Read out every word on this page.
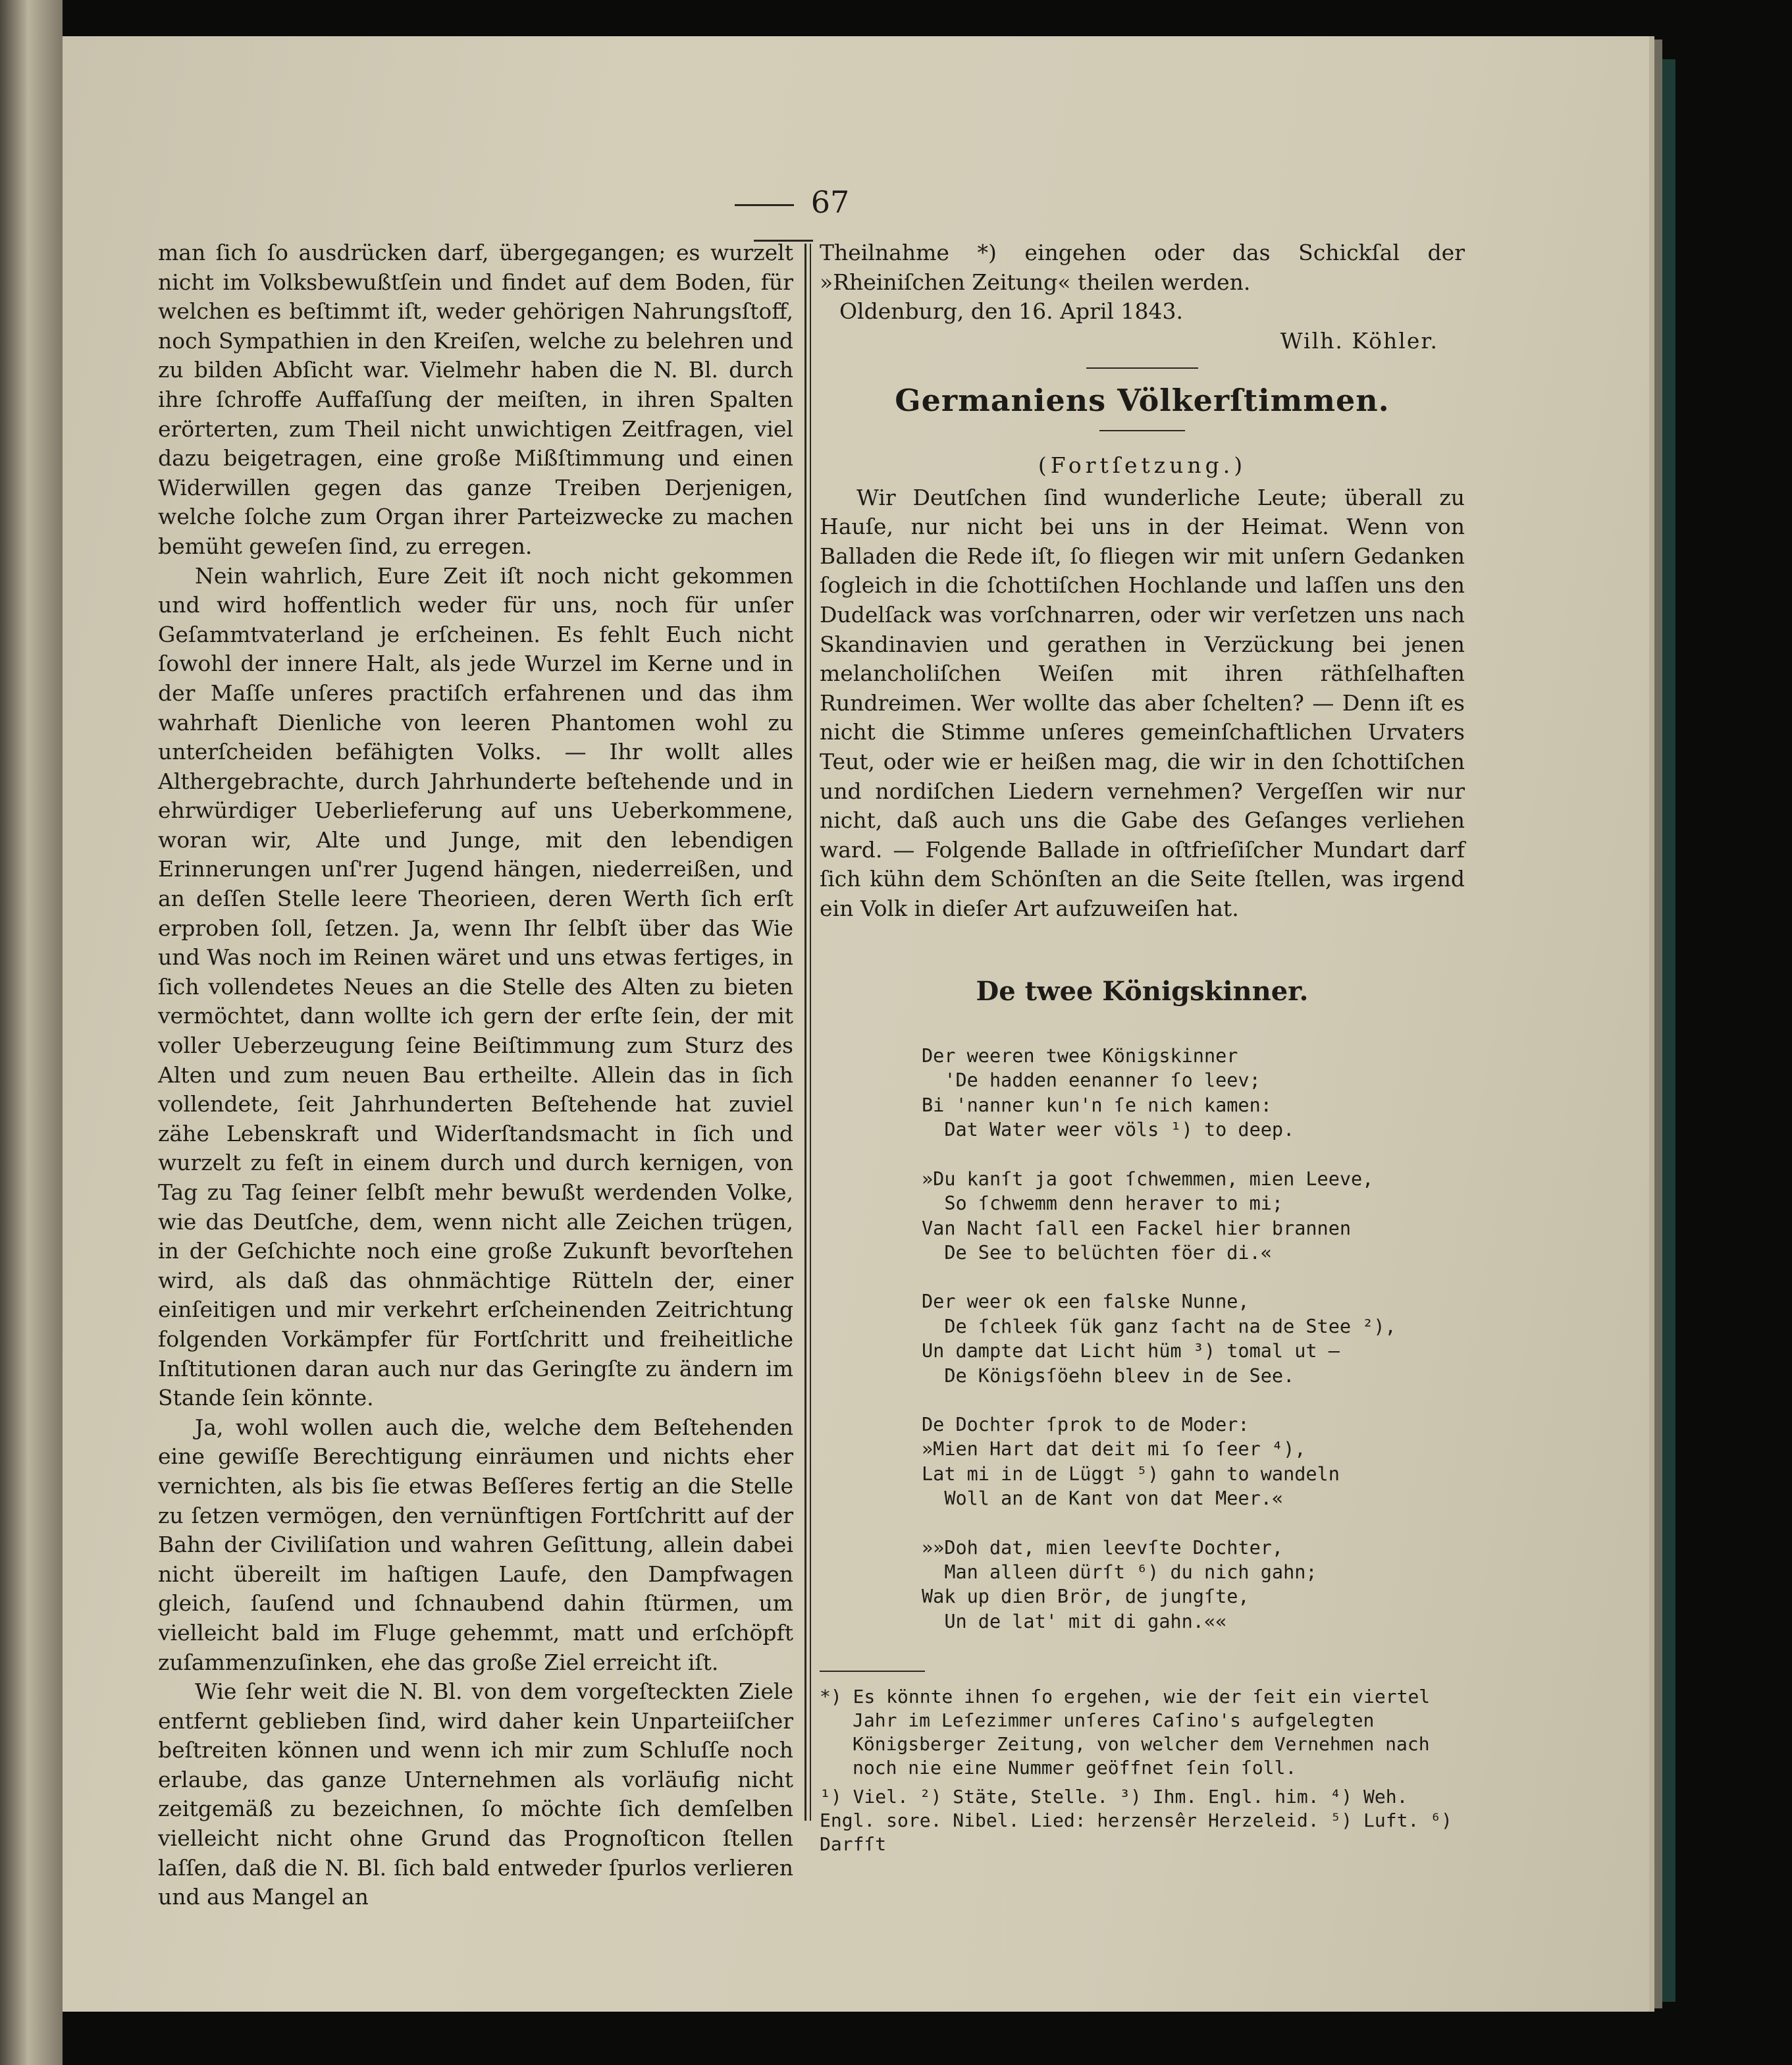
67

man ſich ſo ausdrücken darf, übergegangen; es wurzelt nicht im Volksbewußtſein und findet auf dem Boden, für welchen es beſtimmt iſt, weder gehörigen Nahrungsſtoff, noch Sympathien in den Kreiſen, welche zu belehren und zu bilden Abſicht war. Vielmehr haben die N. Bl. durch ihre ſchroffe Auffaſſung der meiſten, in ihren Spalten erörterten, zum Theil nicht unwichtigen Zeitfragen, viel dazu beigetragen, eine große Mißſtimmung und einen Widerwillen gegen das ganze Treiben Derjenigen, welche ſolche zum Organ ihrer Parteizwecke zu machen bemüht geweſen ſind, zu erregen.

Nein wahrlich, Eure Zeit iſt noch nicht gekommen und wird hoffentlich weder für uns, noch für unſer Geſammtvaterland je erſcheinen. Es fehlt Euch nicht ſowohl der innere Halt, als jede Wurzel im Kerne und in der Maſſe unſeres practiſch erfahrenen und das ihm wahrhaft Dienliche von leeren Phantomen wohl zu unterſcheiden befähigten Volks. — Ihr wollt alles Althergebrachte, durch Jahrhunderte beſtehende und in ehrwürdiger Ueberlieferung auf uns Ueberkommene, woran wir, Alte und Junge, mit den lebendigen Erinnerungen unſ'rer Jugend hängen, niederreißen, und an deſſen Stelle leere Theorieen, deren Werth ſich erſt erproben ſoll, ſetzen. Ja, wenn Ihr ſelbſt über das Wie und Was noch im Reinen wäret und uns etwas fertiges, in ſich vollendetes Neues an die Stelle des Alten zu bieten vermöchtet, dann wollte ich gern der erſte ſein, der mit voller Ueberzeugung ſeine Beiſtimmung zum Sturz des Alten und zum neuen Bau ertheilte. Allein das in ſich vollendete, ſeit Jahrhunderten Beſtehende hat zuviel zähe Lebenskraft und Widerſtandsmacht in ſich und wurzelt zu feſt in einem durch und durch kernigen, von Tag zu Tag ſeiner ſelbſt mehr bewußt werdenden Volke, wie das Deutſche, dem, wenn nicht alle Zeichen trügen, in der Geſchichte noch eine große Zukunft bevorſtehen wird, als daß das ohnmächtige Rütteln der, einer einſeitigen und mir verkehrt erſcheinenden Zeitrichtung folgenden Vorkämpfer für Fortſchritt und freiheitliche Inſtitutionen daran auch nur das Geringſte zu ändern im Stande ſein könnte.

Ja, wohl wollen auch die, welche dem Beſtehenden eine gewiſſe Berechtigung einräumen und nichts eher vernichten, als bis ſie etwas Beſſeres fertig an die Stelle zu ſetzen vermögen, den vernünftigen Fortſchritt auf der Bahn der Civiliſation und wahren Geſittung, allein dabei nicht übereilt im haſtigen Laufe, den Dampfwagen gleich, ſauſend und ſchnaubend dahin ſtürmen, um vielleicht bald im Fluge gehemmt, matt und erſchöpft zuſammenzuſinken, ehe das große Ziel erreicht iſt.

Wie ſehr weit die N. Bl. von dem vorgeſteckten Ziele entfernt geblieben ſind, wird daher kein Unparteiiſcher beſtreiten können und wenn ich mir zum Schluſſe noch erlaube, das ganze Unternehmen als vorläufig nicht zeitgemäß zu bezeichnen, ſo möchte ſich demſelben vielleicht nicht ohne Grund das Prognoſticon ſtellen laſſen, daß die N. Bl. ſich bald entweder ſpurlos verlieren und aus Mangel an

Theilnahme *) eingehen oder das Schickſal der »Rheiniſchen Zeitung« theilen werden.

Oldenburg, den 16. April 1843.

Wilh. Köhler.

Germaniens Völkerſtimmen.

(Fortſetzung.)

Wir Deutſchen ſind wunderliche Leute; überall zu Hauſe, nur nicht bei uns in der Heimat. Wenn von Balladen die Rede iſt, ſo fliegen wir mit unſern Gedanken ſogleich in die ſchottiſchen Hochlande und laſſen uns den Dudelſack was vorſchnarren, oder wir verſetzen uns nach Skandinavien und gerathen in Verzückung bei jenen melancholiſchen Weiſen mit ihren räthſelhaften Rundreimen. Wer wollte das aber ſchelten? — Denn iſt es nicht die Stimme unſeres gemeinſchaftlichen Urvaters Teut, oder wie er heißen mag, die wir in den ſchottiſchen und nordiſchen Liedern vernehmen? Vergeſſen wir nur nicht, daß auch uns die Gabe des Geſanges verliehen ward. — Folgende Ballade in oſtfrieſiſcher Mundart darf ſich kühn dem Schönſten an die Seite ſtellen, was irgend ein Volk in dieſer Art aufzuweiſen hat.

De twee Königskinner.

Der weeren twee Königskinner
'De hadden eenanner ſo leev;
Bi 'nanner kun'n ſe nich kamen:
Dat Water weer völs ¹) to deep.
»Du kanſt ja goot ſchwemmen, mien Leeve,
So ſchwemm denn heraver to mi;
Van Nacht ſall een Fackel hier brannen
De See to belüchten föer di.«
Der weer ok een falske Nunne,
De ſchleek ſük ganz ſacht na de Stee ²),
Un dampte dat Licht hüm ³) tomal ut —
De Königsſöehn bleev in de See.
De Dochter ſprok to de Moder:
»Mien Hart dat deit mi ſo ſeer ⁴),
Lat mi in de Lüggt ⁵) gahn to wandeln
Woll an de Kant von dat Meer.«
»»Doh dat, mien leevſte Dochter,
Man alleen dürſt ⁶) du nich gahn;
Wak up dien Brör, de jungſte,
Un de lat' mit di gahn.««

*) Es könnte ihnen ſo ergehen, wie der ſeit ein viertel Jahr im Leſezimmer unſeres Caſino's aufgelegten Königsberger Zeitung, von welcher dem Vernehmen nach noch nie eine Nummer geöffnet ſein ſoll.

¹) Viel. ²) Stäte, Stelle. ³) Ihm. Engl. him. ⁴) Weh. Engl. sore. Nibel. Lied: herzensêr Herzeleid. ⁵) Luft. ⁶) Darfſt
